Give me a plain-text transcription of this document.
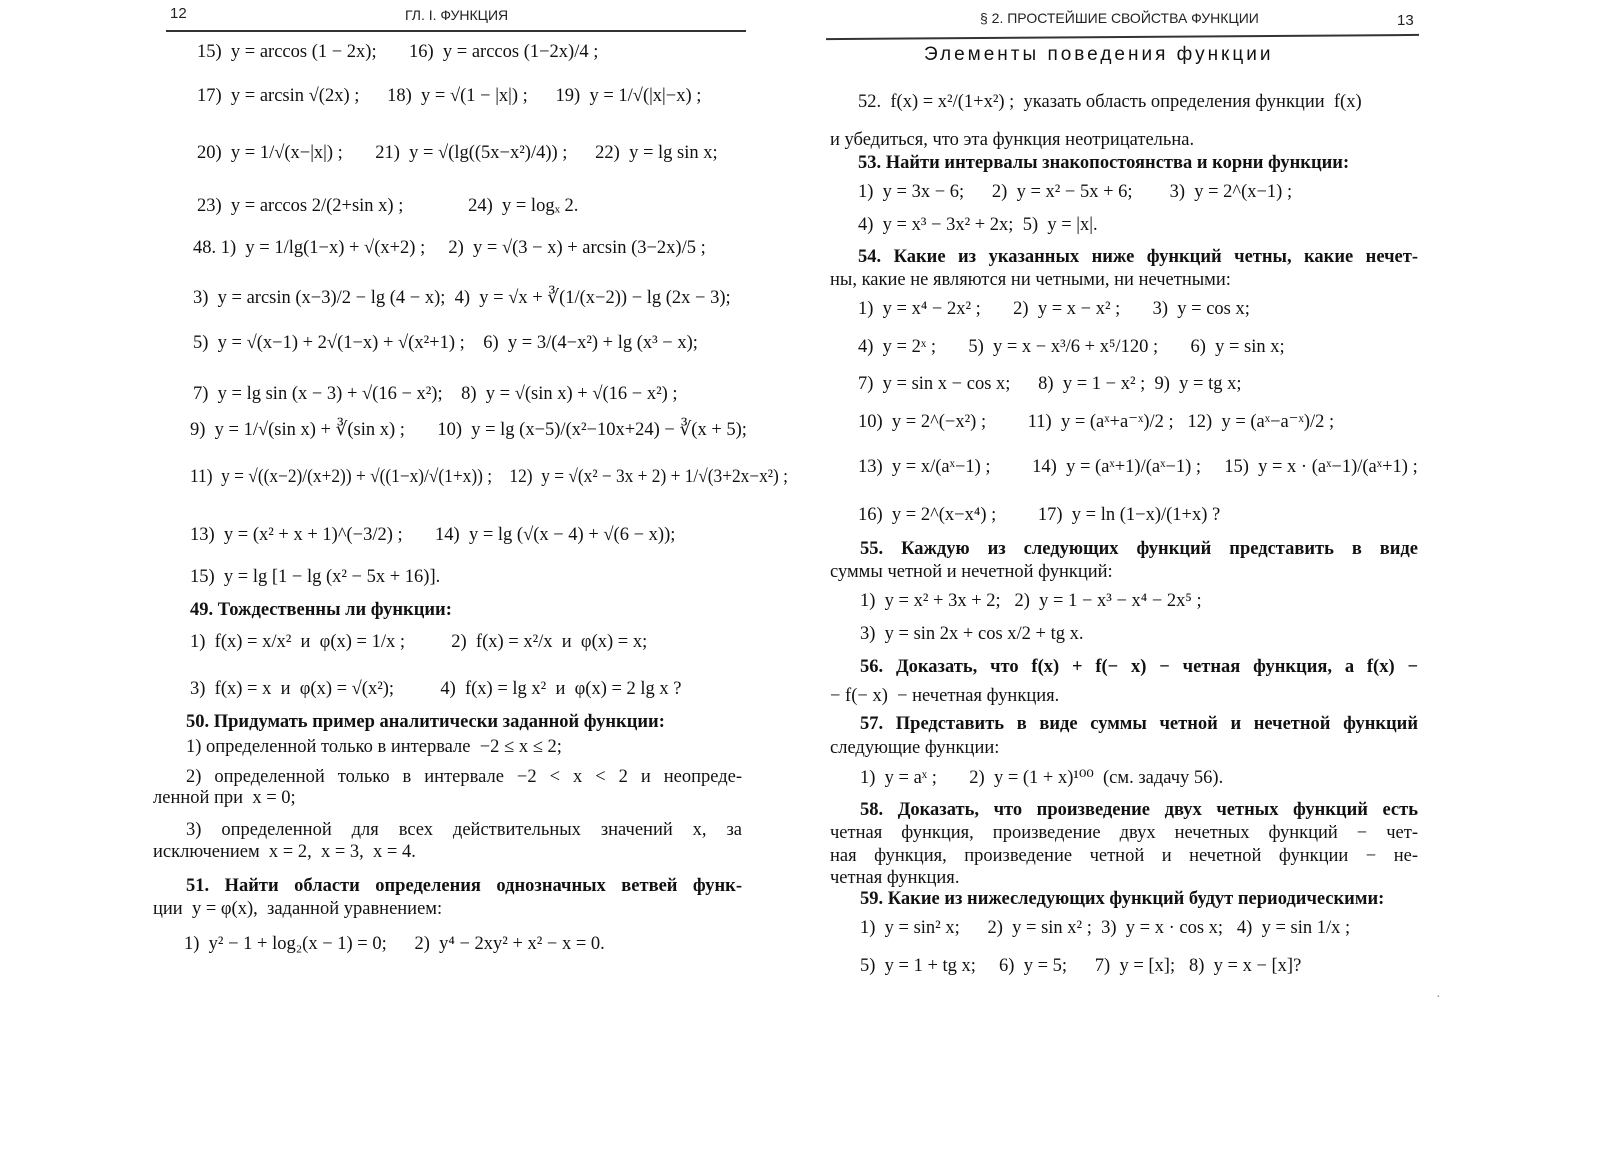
12	ГЛ. I. ФУНКЦИЯ
15)  y = arccos (1 − 2x);       16)  y = arccos (1−2x)/4 ;
17)  y = arcsin √(2x) ;      18)  y = √(1 − |x|) ;      19)  y = 1/√(|x|−x) ;
20)  y = 1/√(x−|x|) ;       21)  y = √(lg((5x−x²)/4)) ;      22)  y = lg sin x;
23)  y = arccos 2/(2+sin x) ;              24)  y = logₓ 2.
48. 1)  y = 1/lg(1−x) + √(x+2) ;     2)  y = √(3 − x) + arcsin (3−2x)/5 ;
3)  y = arcsin (x−3)/2 − lg (4 − x);  4)  y = √x + ∛(1/(x−2)) − lg (2x − 3);
5)  y = √(x−1) + 2√(1−x) + √(x²+1) ;    6)  y = 3/(4−x²) + lg (x³ − x);
7)  y = lg sin (x − 3) + √(16 − x²);    8)  y = √(sin x) + √(16 − x²) ;
9)  y = 1/√(sin x) + ∛(sin x) ;       10)  y = lg (x−5)/(x²−10x+24) − ∛(x + 5);
11)  y = √((x−2)/(x+2)) + √((1−x)/√(1+x)) ;    12)  y = √(x² − 3x + 2) + 1/√(3+2x−x²) ;
13)  y = (x² + x + 1)^(−3/2) ;       14)  y = lg (√(x − 4) + √(6 − x));
15)  y = lg [1 − lg (x² − 5x + 16)].
49. Тождественны ли функции:
1)  f(x) = x/x²  и  φ(x) = 1/x ;          2)  f(x) = x²/x  и  φ(x) = x;
3)  f(x) = x  и  φ(x) = √(x²);          4)  f(x) = lg x²  и  φ(x) = 2 lg x ?
50. Придумать пример аналитически заданной функции:
1) определенной только в интервале  −2 ≤ x ≤ 2;
2) определенной только в интервале −2 < x < 2 и неопреде-
ленной при  x = 0;
3) определенной для всех действительных значений x, за
исключением  x = 2,  x = 3,  x = 4.
51. Найти области определения однозначных ветвей функ-
ции  y = φ(x),  заданной уравнением:
1)  y² − 1 + log₂(x − 1) = 0;      2)  y⁴ − 2xy² + x² − x = 0.
§ 2. ПРОСТЕЙШИЕ СВОЙСТВА ФУНКЦИИ	13
Элементы поведения функции
52.  f(x) = x²/(1+x²) ;  указать область определения функции  f(x)
и убедиться, что эта функция неотрицательна.
53. Найти интервалы знакопостоянства и корни функции:
1)  y = 3x − 6;      2)  y = x² − 5x + 6;        3)  y = 2^(x−1) ;
4)  y = x³ − 3x² + 2x;  5)  y = |x|.
54. Какие из указанных ниже функций четны, какие нечет-
ны, какие не являются ни четными, ни нечетными:
1)  y = x⁴ − 2x² ;       2)  y = x − x² ;       3)  y = cos x;
4)  y = 2ˣ ;       5)  y = x − x³/6 + x⁵/120 ;       6)  y = sin x;
7)  y = sin x − cos x;      8)  y = 1 − x² ;  9)  y = tg x;
10)  y = 2^(−x²) ;         11)  y = (aˣ+a⁻ˣ)/2 ;   12)  y = (aˣ−a⁻ˣ)/2 ;
13)  y = x/(aˣ−1) ;         14)  y = (aˣ+1)/(aˣ−1) ;     15)  y = x · (aˣ−1)/(aˣ+1) ;
16)  y = 2^(x−x⁴) ;         17)  y = ln (1−x)/(1+x) ?
55. Каждую из следующих функций представить в виде
суммы четной и нечетной функций:
1)  y = x² + 3x + 2;   2)  y = 1 − x³ − x⁴ − 2x⁵ ;
3)  y = sin 2x + cos x/2 + tg x.
56. Доказать, что f(x) + f(− x) − четная функция, а f(x) −
− f(− x)  − нечетная функция.
57. Представить в виде суммы четной и нечетной функций
следующие функции:
1)  y = aˣ ;       2)  y = (1 + x)¹⁰⁰  (см. задачу 56).
58. Доказать, что произведение двух четных функций есть
четная функция, произведение двух нечетных функций − чет-
ная функция, произведение четной и нечетной функции − не-
четная функция.
59. Какие из нижеследующих функций будут периодическими:
1)  y = sin² x;      2)  y = sin x² ;  3)  y = x · cos x;   4)  y = sin 1/x ;
5)  y = 1 + tg x;     6)  y = 5;      7)  y = [x];   8)  y = x − [x]?
·
